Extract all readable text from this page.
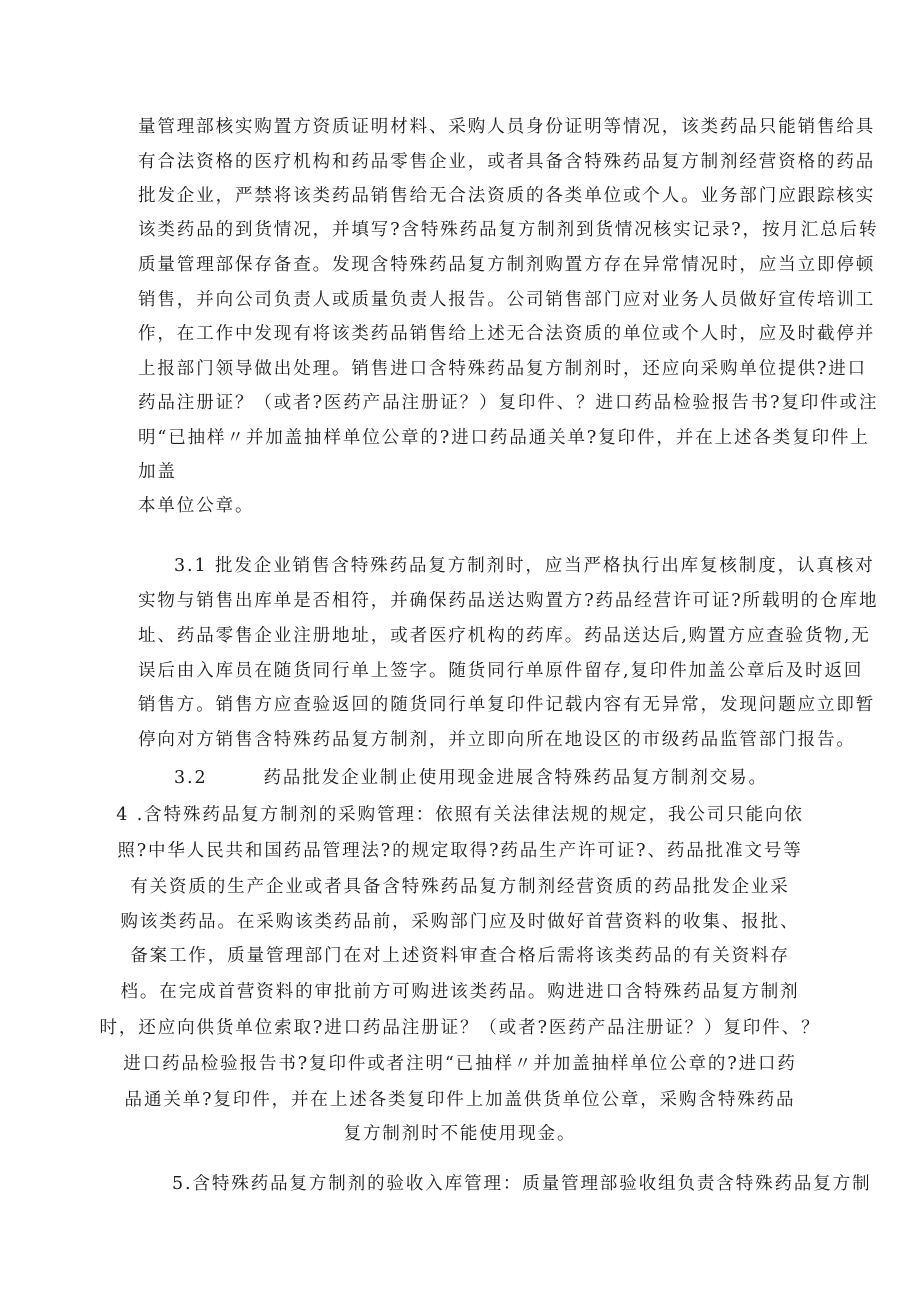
量管理部核实购置方资质证明材料、采购人员身份证明等情况，该类药品只能销售给具
有合法资格的医疗机构和药品零售企业，或者具备含特殊药品复方制剂经营资格的药品
批发企业，严禁将该类药品销售给无合法资质的各类单位或个人。业务部门应跟踪核实
该类药品的到货情况，并填写?含特殊药品复方制剂到货情况核实记录?，按月汇总后转
质量管理部保存备查。发现含特殊药品复方制剂购置方存在异常情况时，应当立即停顿
销售，并向公司负责人或质量负责人报告。公司销售部门应对业务人员做好宣传培训工
作，在工作中发现有将该类药品销售给上述无合法资质的单位或个人时，应及时截停并
上报部门领导做出处理。销售进口含特殊药品复方制剂时，还应向采购单位提供?进口
药品注册证？（或者?医药产品注册证？）复印件、？进口药品检验报告书?复印件或注
明“已抽样〃并加盖抽样单位公章的?进口药品通关单?复印件，并在上述各类复印件上
加盖
本单位公章。
3.1 批发企业销售含特殊药品复方制剂时，应当严格执行出库复核制度，认真核对
实物与销售出库单是否相符，并确保药品送达购置方?药品经营许可证?所载明的仓库地
址、药品零售企业注册地址，或者医疗机构的药库。药品送达后,购置方应查验货物,无
误后由入库员在随货同行单上签字。随货同行单原件留存,复印件加盖公章后及时返回
销售方。销售方应查验返回的随货同行单复印件记载内容有无异常，发现问题应立即暂
停向对方销售含特殊药品复方制剂，并立即向所在地设区的市级药品监管部门报告。
3.2	药品批发企业制止使用现金进展含特殊药品复方制剂交易。
4 .含特殊药品复方制剂的采购管理：依照有关法律法规的规定，我公司只能向依
照?中华人民共和国药品管理法?的规定取得?药品生产许可证?、药品批准文号等
有关资质的生产企业或者具备含特殊药品复方制剂经营资质的药品批发企业采
购该类药品。在采购该类药品前，采购部门应及时做好首营资料的收集、报批、
备案工作，质量管理部门在对上述资料审查合格后需将该类药品的有关资料存
档。在完成首营资料的审批前方可购进该类药品。购进进口含特殊药品复方制剂
时，还应向供货单位索取?进口药品注册证？（或者?医药产品注册证？）复印件、？
进口药品检验报告书?复印件或者注明“已抽样〃并加盖抽样单位公章的?进口药
品通关单?复印件，并在上述各类复印件上加盖供货单位公章，采购含特殊药品
复方制剂时不能使用现金。
5.含特殊药品复方制剂的验收入库管理：质量管理部验收组负责含特殊药品复方制
